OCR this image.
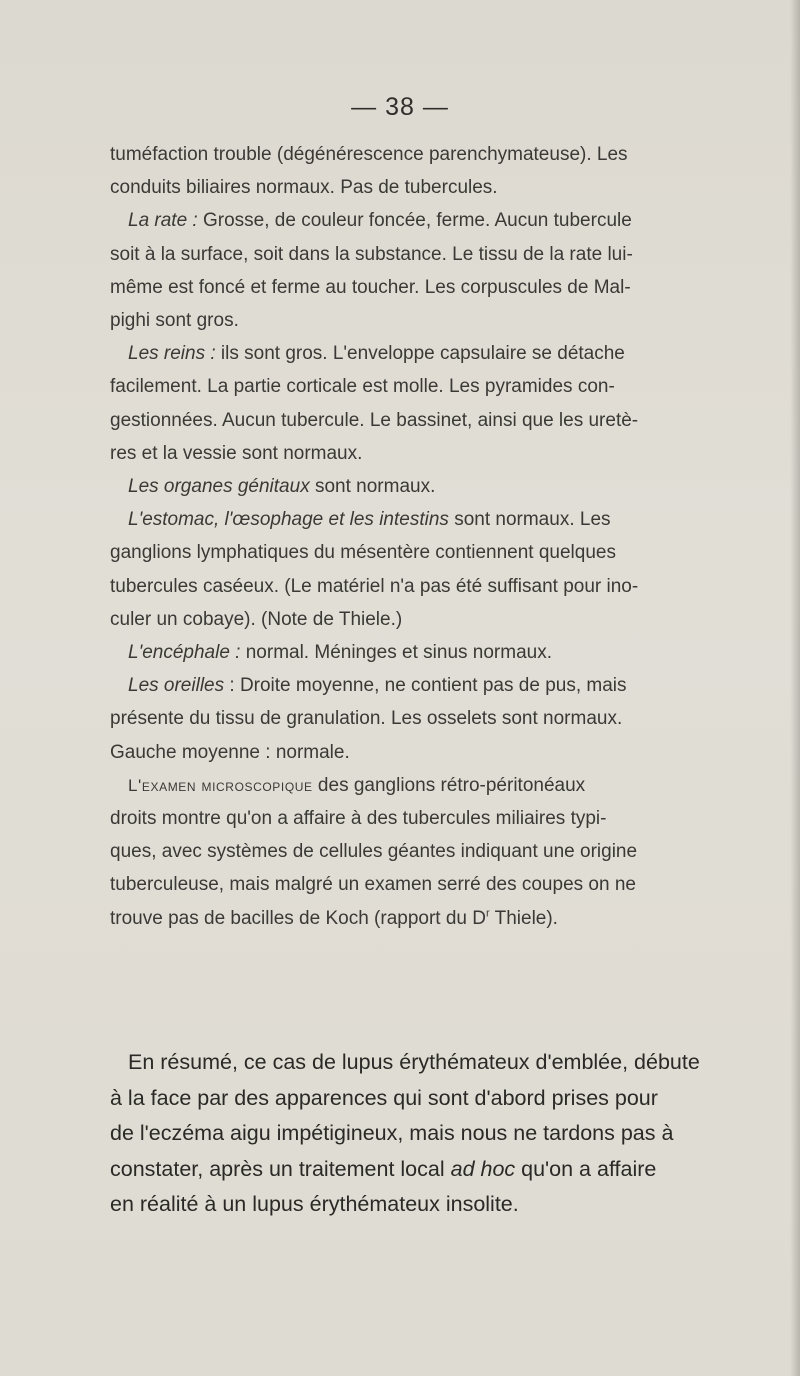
— 38 —
tuméfaction trouble (dégénérescence parenchymateuse). Les
conduits biliaires normaux. Pas de tubercules.
La rate : Grosse, de couleur foncée, ferme. Aucun tubercule
soit à la surface, soit dans la substance. Le tissu de la rate lui-
même est foncé et ferme au toucher. Les corpuscules de Mal-
pighi sont gros.
Les reins : ils sont gros. L'enveloppe capsulaire se détache
facilement. La partie corticale est molle. Les pyramides con-
gestionnées. Aucun tubercule. Le bassinet, ainsi que les uretè-
res et la vessie sont normaux.
Les organes génitaux sont normaux.
L'estomac, l'œsophage et les intestins sont normaux. Les
ganglions lymphatiques du mésentère contiennent quelques
tubercules caséeux. (Le matériel n'a pas été suffisant pour ino-
culer un cobaye). (Note de Thiele.)
L'encéphale : normal. Méninges et sinus normaux.
Les oreilles : Droite moyenne, ne contient pas de pus, mais
présente du tissu de granulation. Les osselets sont normaux.
Gauche moyenne : normale.
L'examen microscopique des ganglions rétro-péritonéaux
droits montre qu'on a affaire à des tubercules miliaires typi-
ques, avec systèmes de cellules géantes indiquant une origine
tuberculeuse, mais malgré un examen serré des coupes on ne
trouve pas de bacilles de Koch (rapport du $D^r$ Thiele).
En résumé, ce cas de lupus érythémateux d'emblée, débute
à la face par des apparences qui sont d'abord prises pour
de l'eczéma aigu impétigineux, mais nous ne tardons pas à
constater, après un traitement local ad hoc qu'on a affaire
en réalité à un lupus érythémateux insolite.
